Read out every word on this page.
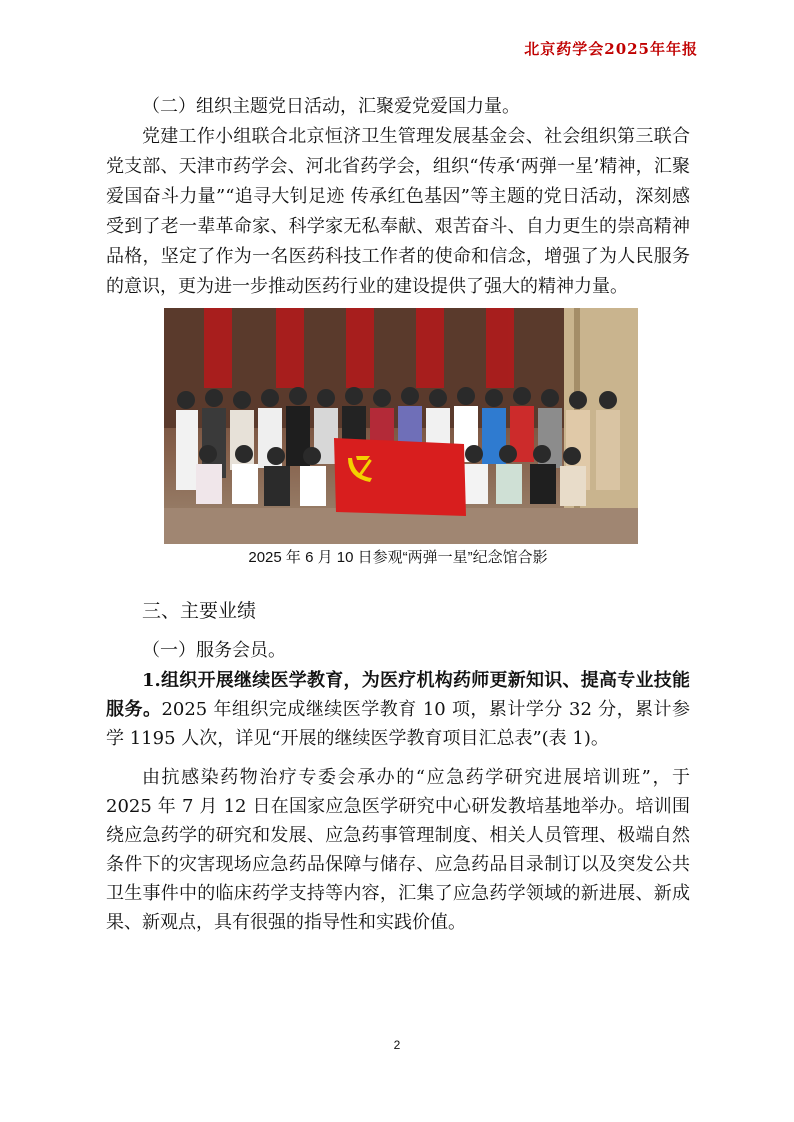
北京药学会2025年年报

（二）组织主题党日活动，汇聚爱党爱国力量。

党建工作小组联合北京恒济卫生管理发展基金会、社会组织第三联合党支部、天津市药学会、河北省药学会，组织“传承‘两弹一星’精神，汇聚爱国奋斗力量”“追寻大钊足迹 传承红色基因”等主题的党日活动，深刻感受到了老一辈革命家、科学家无私奉献、艰苦奋斗、自力更生的崇高精神品格，坚定了作为一名医药科技工作者的使命和信念，增强了为人民服务的意识，更为进一步推动医药行业的建设提供了强大的精神力量。

2025 年 6 月 10 日参观“两弹一星”纪念馆合影

三、主要业绩

（一）服务会员。

1.组织开展继续医学教育，为医疗机构药师更新知识、提高专业技能服务。2025 年组织完成继续医学教育 10 项，累计学分 32 分，累计参学 1195 人次，详见“开展的继续医学教育项目汇总表”(表 1)。

由抗感染药物治疗专委会承办的“应急药学研究进展培训班”，于 2025 年 7 月 12 日在国家应急医学研究中心研发教培基地举办。培训围绕应急药学的研究和发展、应急药事管理制度、相关人员管理、极端自然条件下的灾害现场应急药品保障与储存、应急药品目录制订以及突发公共卫生事件中的临床药学支持等内容，汇集了应急药学领域的新进展、新成果、新观点，具有很强的指导性和实践价值。

2
